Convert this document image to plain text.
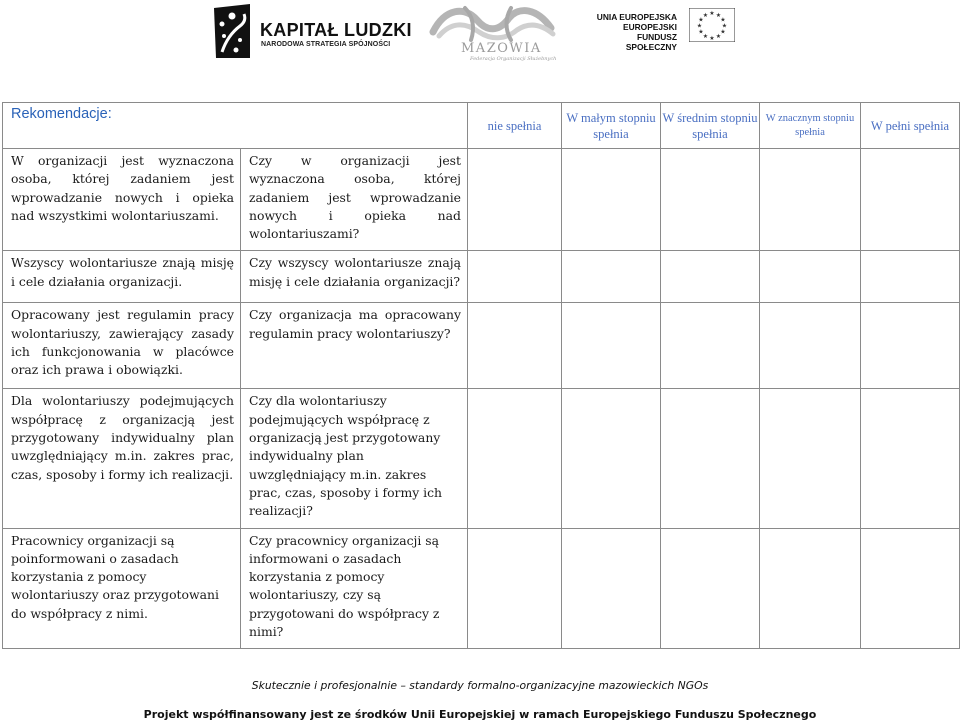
KAPITAŁ LUDZKI
NARODOWA STRATEGIA SPÓJNOŚCI	MAZOWIA
Federacja Organizacji Służebnych
UNIA EUROPEJSKA
EUROPEJSKI
FUNDUSZ SPOŁECZNY
★ ★
★
★
★
★
★
★
★
★
★
★
Rekomendacje:		nie spełnia	W małym stopniu spełnia	W średnim stopniu spełnia	W znacznym stopniu spełnia	W pełni spełnia
W organizacji jest wyznaczona osoba, której zadaniem jest wprowadzanie nowych i opieka nad wszystkimi wolontariuszami.	Czy w organizacji jest wyznaczona osoba, której zadaniem jest wprowadzanie nowych i opieka nad wolontariuszami?					
Wszyscy wolontariusze znają misję i cele działania organizacji.	Czy wszyscy wolontariusze znają misję i cele działania organizacji?					
Opracowany jest regulamin pracy wolontariuszy, zawierający zasady ich funkcjonowania w placówce oraz ich prawa i obowiązki.	Czy organizacja ma opracowany regulamin pracy wolontariuszy?					
Dla wolontariuszy podejmujących współpracę z organizacją jest przygotowany indywidualny plan uwzględniający m.in. zakres prac, czas, sposoby i formy ich realizacji.	Czy dla wolontariuszy podejmujących współpracę z organizacją jest przygotowany indywidualny plan uwzględniający m.in. zakres prac, czas, sposoby i formy ich realizacji?					
Pracownicy organizacji są poinformowani o zasadach korzystania z pomocy wolontariuszy oraz przygotowani do współpracy z nimi.	Czy pracownicy organizacji są informowani o zasadach korzystania z pomocy wolontariuszy, czy są przygotowani do współpracy z nimi?					
Skutecznie i profesjonalnie – standardy formalno-organizacyjne mazowieckich NGOs
Projekt współfinansowany jest ze środków Unii Europejskiej w ramach Europejskiego Funduszu Społecznego
